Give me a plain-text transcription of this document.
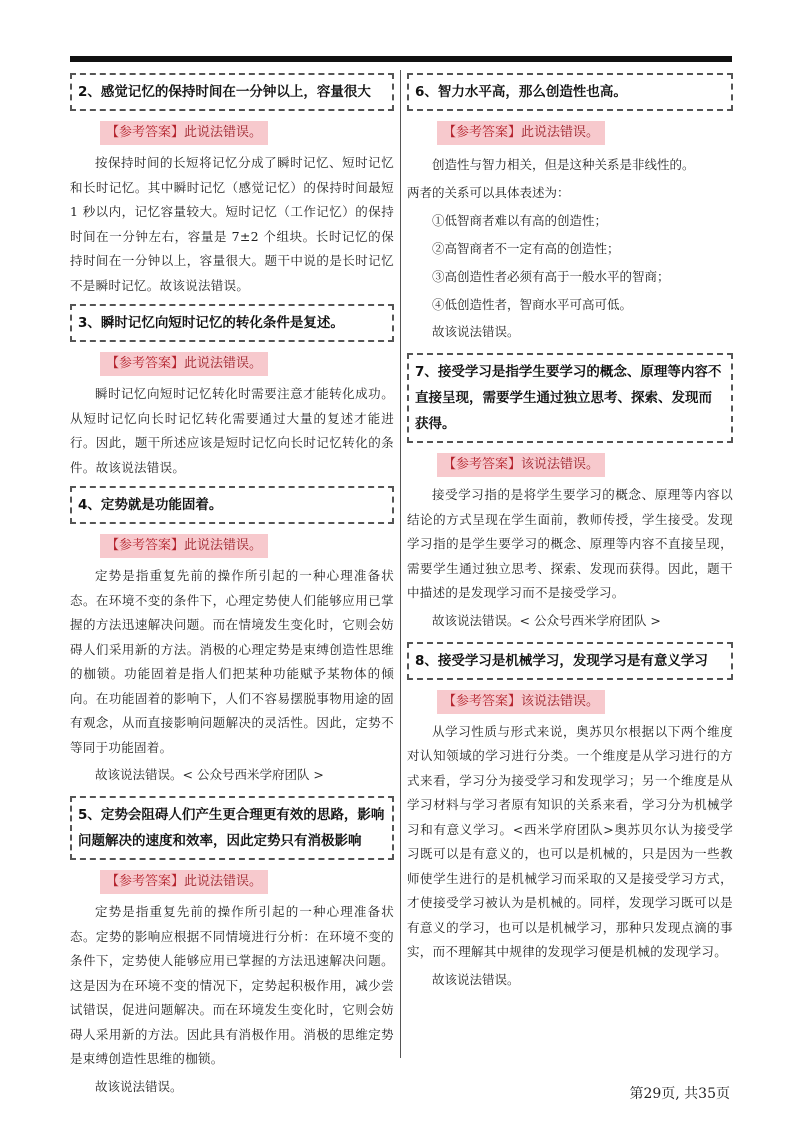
2、感觉记忆的保持时间在一分钟以上，容量很大
【参考答案】此说法错误。

按保持时间的长短将记忆分成了瞬时记忆、短时记忆和长时记忆。其中瞬时记忆（感觉记忆）的保持时间最短 1 秒以内，记忆容量较大。短时记忆（工作记忆）的保持时间在一分钟左右，容量是 7±2 个组块。长时记忆的保持时间在一分钟以上，容量很大。题干中说的是长时记忆不是瞬时记忆。故该说法错误。

3、瞬时记忆向短时记忆的转化条件是复述。
【参考答案】此说法错误。

瞬时记忆向短时记忆转化时需要注意才能转化成功。从短时记忆向长时记忆转化需要通过大量的复述才能进行。因此，题干所述应该是短时记忆向长时记忆转化的条件。故该说法错误。

4、定势就是功能固着。
【参考答案】此说法错误。

定势是指重复先前的操作所引起的一种心理准备状态。在环境不变的条件下，心理定势使人们能够应用已掌握的方法迅速解决问题。而在情境发生变化时，它则会妨碍人们采用新的方法。消极的心理定势是束缚创造性思维的枷锁。功能固着是指人们把某种功能赋予某物体的倾向。在功能固着的影响下，人们不容易摆脱事物用途的固有观念，从而直接影响问题解决的灵活性。因此，定势不等同于功能固着。

故该说法错误。< 公众号西米学府团队 >

5、定势会阻碍人们产生更合理更有效的思路，影响问题解决的速度和效率，因此定势只有消极影响
【参考答案】此说法错误。

定势是指重复先前的操作所引起的一种心理准备状态。定势的影响应根据不同情境进行分析：在环境不变的条件下，定势使人能够应用已掌握的方法迅速解决问题。这是因为在环境不变的情况下，定势起积极作用，减少尝试错误，促进问题解决。而在环境发生变化时，它则会妨碍人采用新的方法。因此具有消极作用。消极的思维定势是束缚创造性思维的枷锁。

故该说法错误。

6、智力水平高，那么创造性也高。
【参考答案】此说法错误。

创造性与智力相关，但是这种关系是非线性的。

两者的关系可以具体表述为：

①低智商者难以有高的创造性；

②高智商者不一定有高的创造性；

③高创造性者必须有高于一般水平的智商；

④低创造性者，智商水平可高可低。

故该说法错误。

7、接受学习是指学生要学习的概念、原理等内容不直接呈现，需要学生通过独立思考、探索、发现而获得。
【参考答案】该说法错误。

接受学习指的是将学生要学习的概念、原理等内容以结论的方式呈现在学生面前，教师传授，学生接受。发现学习指的是学生要学习的概念、原理等内容不直接呈现，需要学生通过独立思考、探索、发现而获得。因此，题干中描述的是发现学习而不是接受学习。

故该说法错误。< 公众号西米学府团队 >

8、接受学习是机械学习，发现学习是有意义学习
【参考答案】该说法错误。

从学习性质与形式来说，奥苏贝尔根据以下两个维度对认知领域的学习进行分类。一个维度是从学习进行的方式来看，学习分为接受学习和发现学习；另一个维度是从学习材料与学习者原有知识的关系来看，学习分为机械学习和有意义学习。<西米学府团队>奥苏贝尔认为接受学习既可以是有意义的，也可以是机械的，只是因为一些教师使学生进行的是机械学习而采取的又是接受学习方式，才使接受学习被认为是机械的。同样，发现学习既可以是有意义的学习，也可以是机械学习，那种只发现点滴的事实，而不理解其中规律的发现学习便是机械的发现学习。

故该说法错误。

第29页, 共35页
